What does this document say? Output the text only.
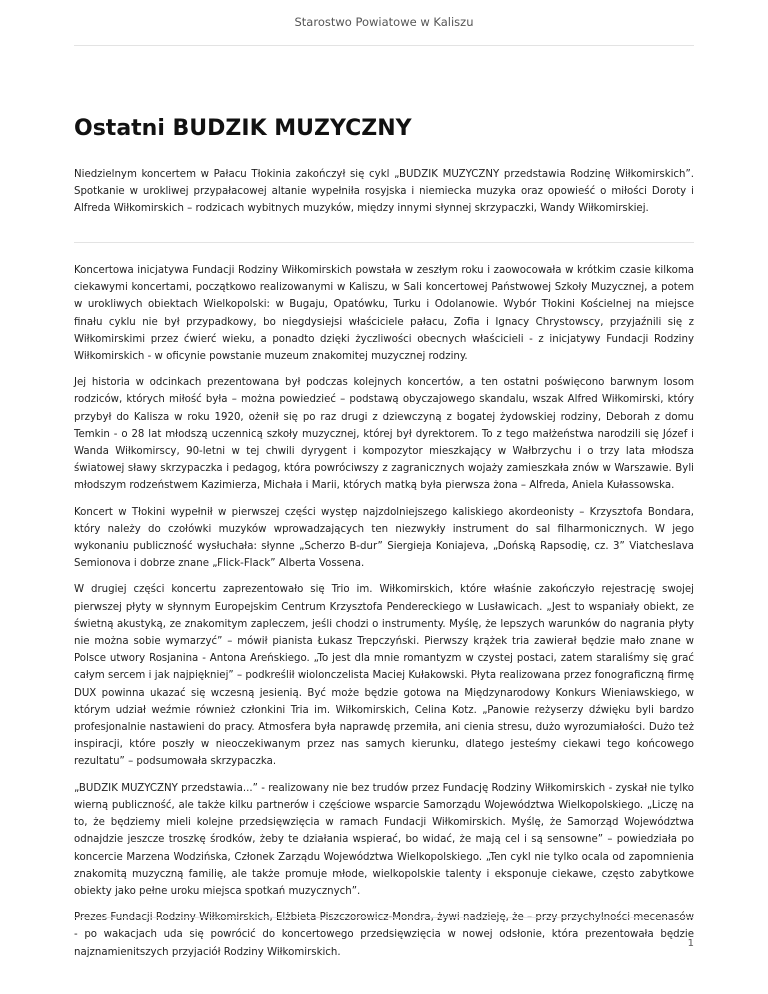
Starostwo Powiatowe w Kaliszu
Ostatni BUDZIK MUZYCZNY

Niedzielnym koncertem w Pałacu Tłokinia zakończył się cykl „BUDZIK MUZYCZNY przedstawia Rodzinę Wiłkomirskich”. Spotkanie w urokliwej przypałacowej altanie wypełniła rosyjska i niemiecka muzyka oraz opowieść o miłości Doroty i Alfreda Wiłkomirskich – rodzicach wybitnych muzyków, między innymi słynnej skrzypaczki, Wandy Wiłkomirskiej.

Koncertowa inicjatywa Fundacji Rodziny Wiłkomirskich powstała w zeszłym roku i zaowocowała w krótkim czasie kilkoma ciekawymi koncertami, początkowo realizowanymi w Kaliszu, w Sali koncertowej Państwowej Szkoły Muzycznej, a potem w urokliwych obiektach Wielkopolski: w Bugaju, Opatówku, Turku i Odolanowie. Wybór Tłokini Kościelnej na miejsce finału cyklu nie był przypadkowy, bo niegdysiejsi właściciele pałacu, Zofia i Ignacy Chrystowscy, przyjaźnili się z Wiłkomirskimi przez ćwierć wieku, a ponadto dzięki życzliwości obecnych właścicieli - z inicjatywy Fundacji Rodziny Wiłkomirskich - w oficynie powstanie muzeum znakomitej muzycznej rodziny.

Jej historia w odcinkach prezentowana był podczas kolejnych koncertów, a ten ostatni poświęcono barwnym losom rodziców, których miłość była – można powiedzieć – podstawą obyczajowego skandalu, wszak Alfred Wiłkomirski, który przybył do Kalisza w roku 1920, ożenił się po raz drugi z dziewczyną z bogatej żydowskiej rodziny, Deborah z domu Temkin - o 28 lat młodszą uczennicą szkoły muzycznej, której był dyrektorem. To z tego małżeństwa narodzili się Józef i Wanda Wiłkomirscy, 90-letni w tej chwili dyrygent i kompozytor mieszkający w Wałbrzychu i o trzy lata młodsza światowej sławy skrzypaczka i pedagog, która powróciwszy z zagranicznych wojaży zamieszkała znów w Warszawie. Byli młodszym rodzeństwem Kazimierza, Michała i Marii, których matką była pierwsza żona – Alfreda, Aniela Kułassowska.

Koncert w Tłokini wypełnił w pierwszej części występ najzdolniejszego kaliskiego akordeonisty – Krzysztofa Bondara, który należy do czołówki muzyków wprowadzających ten niezwykły instrument do sal filharmonicznych. W jego wykonaniu publiczność wysłuchała: słynne „Scherzo B-dur” Siergieja Koniajeva, „Dońską Rapsodię, cz. 3” Viatcheslava Semionova i dobrze znane „Flick-Flack” Alberta Vossena.

W drugiej części koncertu zaprezentowało się Trio im. Wiłkomirskich, które właśnie zakończyło rejestrację swojej pierwszej płyty w słynnym Europejskim Centrum Krzysztofa Pendereckiego w Lusławicach. „Jest to wspaniały obiekt, ze świetną akustyką, ze znakomitym zapleczem, jeśli chodzi o instrumenty. Myślę, że lepszych warunków do nagrania płyty nie można sobie wymarzyć” – mówił pianista Łukasz Trepczyński. Pierwszy krążek tria zawierał będzie mało znane w Polsce utwory Rosjanina - Antona Areńskiego. „To jest dla mnie romantyzm w czystej postaci, zatem staraliśmy się grać całym sercem i jak najpiękniej” – podkreślił wiolonczelista Maciej Kułakowski. Płyta realizowana przez fonograficzną firmę DUX powinna ukazać się wczesną jesienią. Być może będzie gotowa na Międzynarodowy Konkurs Wieniawskiego, w którym udział weźmie również członkini Tria im. Wiłkomirskich, Celina Kotz. „Panowie reżyserzy dźwięku byli bardzo profesjonalnie nastawieni do pracy. Atmosfera była naprawdę przemiła, ani cienia stresu, dużo wyrozumiałości. Dużo też inspiracji, które poszły w nieoczekiwanym przez nas samych kierunku, dlatego jesteśmy ciekawi tego końcowego rezultatu” – podsumowała skrzypaczka.

„BUDZIK MUZYCZNY przedstawia...” - realizowany nie bez trudów przez Fundację Rodziny Wiłkomirskich - zyskał nie tylko wierną publiczność, ale także kilku partnerów i częściowe wsparcie Samorządu Województwa Wielkopolskiego. „Liczę na to, że będziemy mieli kolejne przedsięwzięcia w ramach Fundacji Wiłkomirskich. Myślę, że Samorząd Województwa odnajdzie jeszcze troszkę środków, żeby te działania wspierać, bo widać, że mają cel i są sensowne” – powiedziała po koncercie Marzena Wodzińska, Członek Zarządu Województwa Wielkopolskiego. „Ten cykl nie tylko ocala od zapomnienia znakomitą muzyczną familię, ale także promuje młode, wielkopolskie talenty i eksponuje ciekawe, często zabytkowe obiekty jako pełne uroku miejsca spotkań muzycznych”.

Prezes Fundacji Rodziny Wiłkomirskich, Elżbieta Piszczorowicz-Mondra, żywi nadzieję, że – przy przychylności mecenasów - po wakacjach uda się powrócić do koncertowego przedsięwzięcia w nowej odsłonie, która prezentowała będzie najznamienitszych przyjaciół Rodziny Wiłkomirskich.

1
